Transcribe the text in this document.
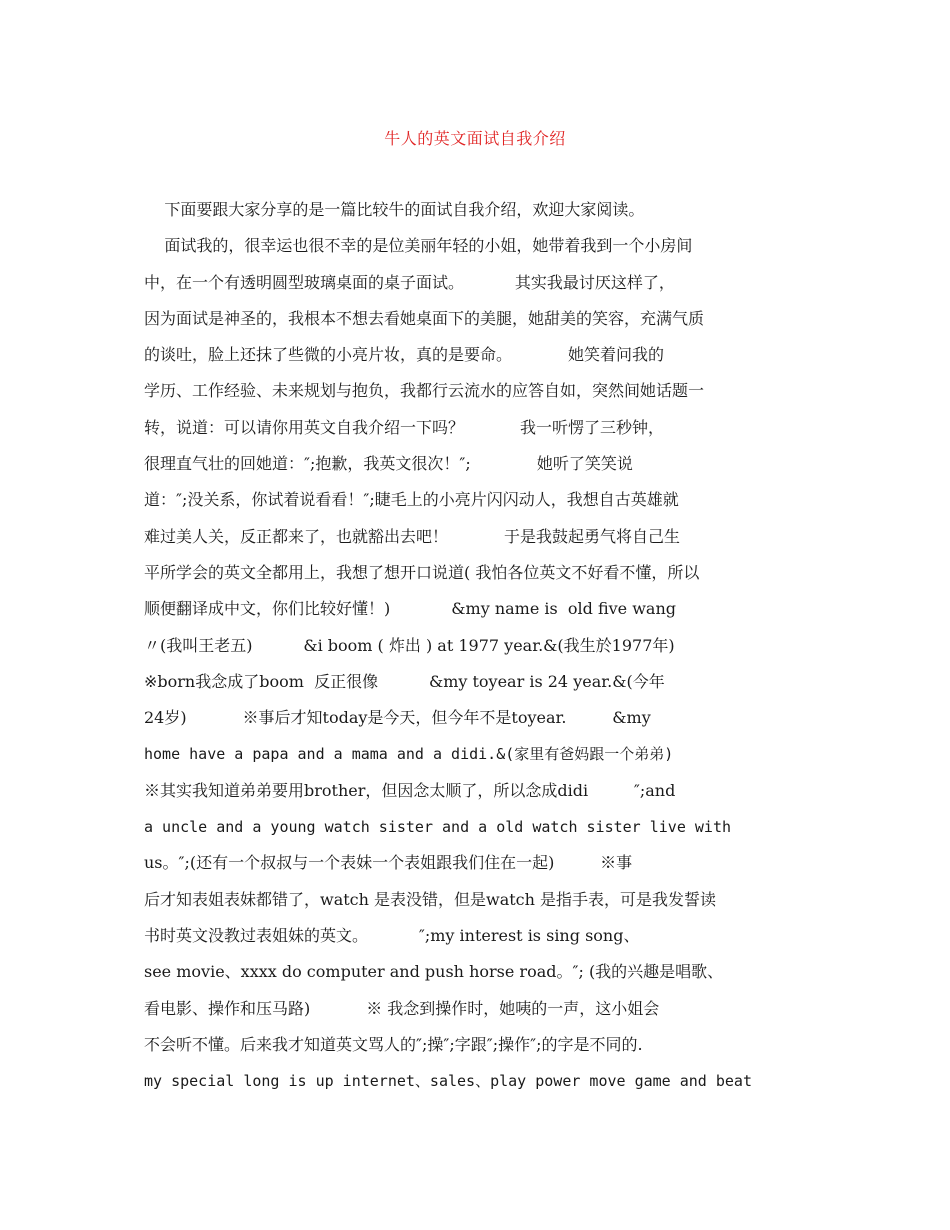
牛人的英文面试自我介绍
下面要跟大家分享的是一篇比较牛的面试自我介绍，欢迎大家阅读。
面试我的，很幸运也很不幸的是位美丽年轻的小姐，她带着我到一个小房间
中，在一个有透明圆型玻璃桌面的桌子面试。          其实我最讨厌这样了，
因为面试是神圣的，我根本不想去看她桌面下的美腿，她甜美的笑容，充满气质
的谈吐，脸上还抹了些微的小亮片妆，真的是要命。           她笑着问我的
学历、工作经验、未来规划与抱负，我都行云流水的应答自如，突然间她话题一
转，说道：可以请你用英文自我介绍一下吗？           我一听愣了三秒钟，
很理直气壮的回她道：″;抱歉，我英文很次！″;             她听了笑笑说
道：″;没关系，你试着说看看！″;睫毛上的小亮片闪闪动人，我想自古英雄就
难过美人关，反正都来了，也就豁出去吧！           于是我鼓起勇气将自己生
平所学会的英文全都用上，我想了想开口说道( 我怕各位英文不好看不懂，所以
顺便翻译成中文，你们比较好懂！)            &my name is  old five wang
〃(我叫王老五)          &i boom ( 炸出 ) at 1977 year.&(我生於1977年)
※born我念成了boom  反正很像          &my toyear is 24 year.&(今年
24岁)           ※事后才知today是今天，但今年不是toyear.         &my
home have a papa and a mama and a didi.&(家里有爸妈跟一个弟弟)
※其实我知道弟弟要用brother，但因念太顺了，所以念成didi         ″;and
a uncle and a young watch sister and a old watch sister live with
us。″;(还有一个叔叔与一个表妹一个表姐跟我们住在一起)         ※事
后才知表姐表妹都错了，watch 是表没错，但是watch 是指手表，可是我发誓读
书时英文没教过表姐妹的英文。          ″;my interest is sing song、
see movie、xxxx do computer and push horse road。″; (我的兴趣是唱歌、
看电影、操作和压马路)           ※ 我念到操作时，她咦的一声，这小姐会
不会听不懂。后来我才知道英文骂人的″;操″;字跟″;操作″;的字是不同的.
my special long is up internet、sales、play power move game and beat
